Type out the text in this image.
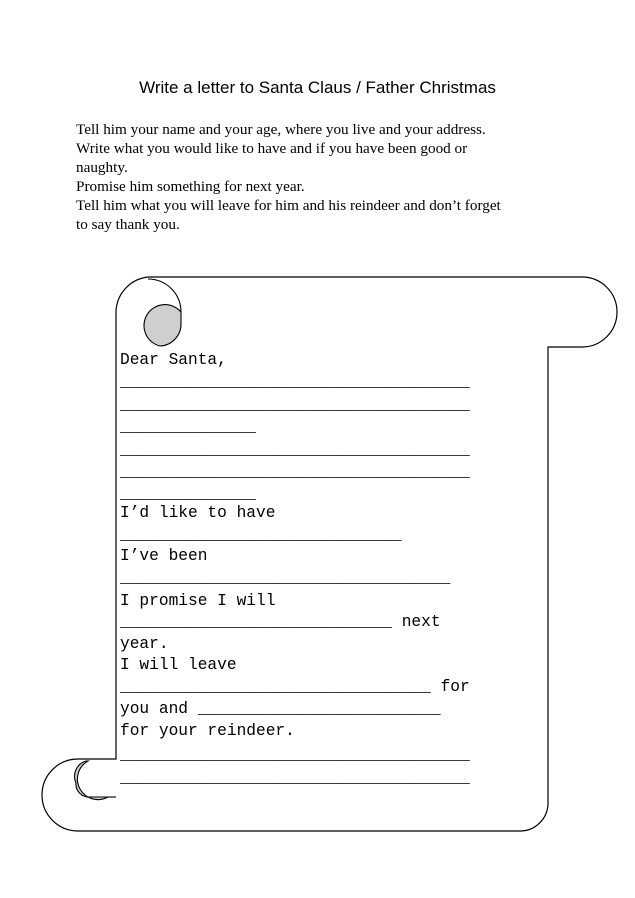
Write a letter to Santa Claus / Father Christmas
Tell him your name and your age, where you live and your address.
Write what you would like to have and if you have been good or
naughty.
Promise him something for next year.
Tell him what you will leave for him and his reindeer and don’t forget
to say thank you.
Dear Santa,
____________________________________
____________________________________
______________
____________________________________
____________________________________
______________
I’d like to have
_____________________________
I’ve been
__________________________________
I promise I will
____________________________ next
year.
I will leave
________________________________ for
you and _________________________
for your reindeer.
____________________________________
____________________________________
